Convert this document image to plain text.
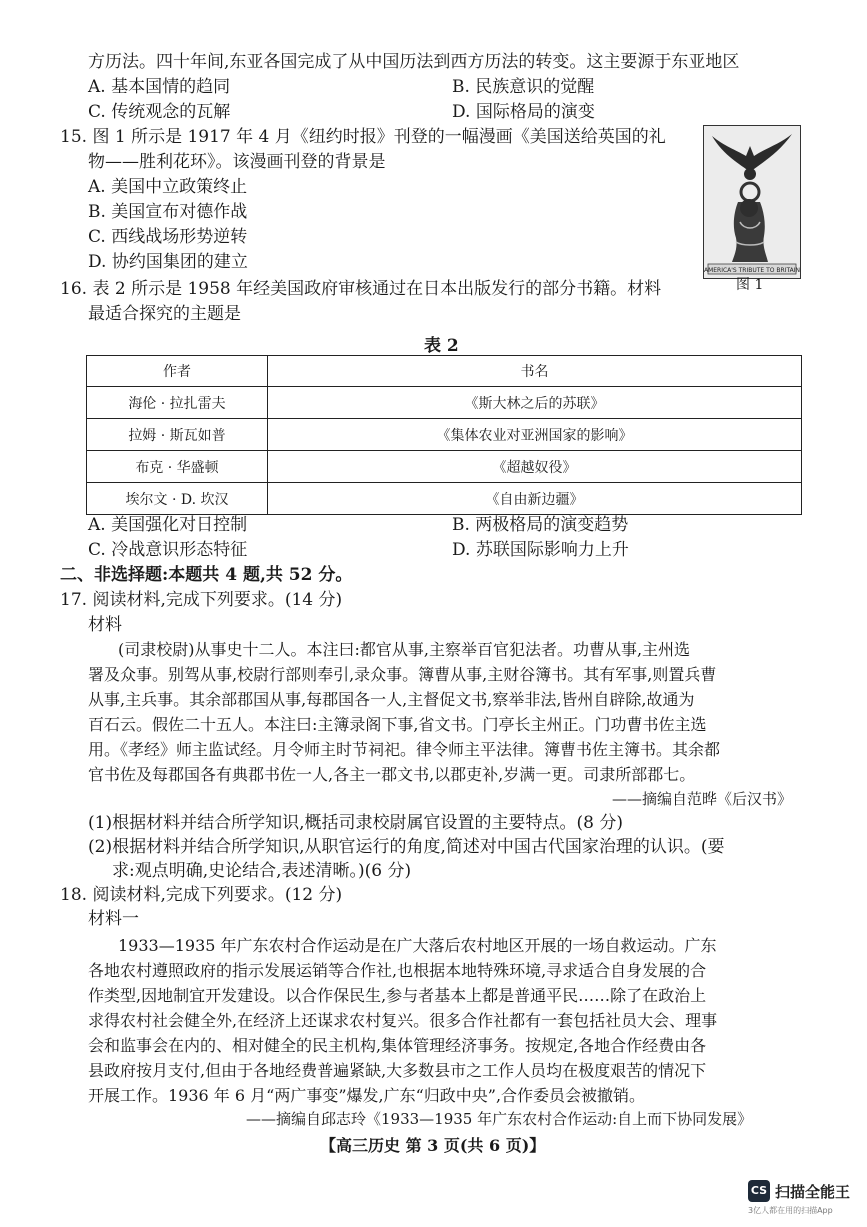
方历法。四十年间,东亚各国完成了从中国历法到西方历法的转变。这主要源于东亚地区
A. 基本国情的趋同	B. 民族意识的觉醒
C. 传统观念的瓦解	D. 国际格局的演变
15. 图 1 所示是 1917 年 4 月《纽约时报》刊登的一幅漫画《美国送给英国的礼
物——胜利花环》。该漫画刊登的背景是
A. 美国中立政策终止
B. 美国宣布对德作战
C. 西线战场形势逆转
D. 协约国集团的建立	AMERICA'S TRIBUTE TO BRITAIN
图 1
16. 表 2 所示是 1958 年经美国政府审核通过在日本出版发行的部分书籍。材料
最适合探究的主题是
表 2
作者	书名
海伦 · 拉扎雷夫	《斯大林之后的苏联》
拉姆 · 斯瓦如普	《集体农业对亚洲国家的影响》
布克 · 华盛顿	《超越奴役》
埃尔文 · D. 坎汉	《自由新边疆》
A. 美国强化对日控制	B. 两极格局的演变趋势
C. 冷战意识形态特征	D. 苏联国际影响力上升
二、非选择题:本题共 4 题,共 52 分。
17. 阅读材料,完成下列要求。(14 分)
材料
(司隶校尉)从事史十二人。本注曰:都官从事,主察举百官犯法者。功曹从事,主州选
署及众事。别驾从事,校尉行部则奉引,录众事。簿曹从事,主财谷簿书。其有军事,则置兵曹
从事,主兵事。其余部郡国从事,每郡国各一人,主督促文书,察举非法,皆州自辟除,故通为
百石云。假佐二十五人。本注曰:主簿录阁下事,省文书。门亭长主州正。门功曹书佐主选
用。《孝经》师主监试经。月令师主时节祠祀。律令师主平法律。簿曹书佐主簿书。其余都
官书佐及每郡国各有典郡书佐一人,各主一郡文书,以郡吏补,岁满一更。司隶所部郡七。
——摘编自范晔《后汉书》
(1)根据材料并结合所学知识,概括司隶校尉属官设置的主要特点。(8 分)
(2)根据材料并结合所学知识,从职官运行的角度,简述对中国古代国家治理的认识。(要
求:观点明确,史论结合,表述清晰。)(6 分)
18. 阅读材料,完成下列要求。(12 分)
材料一
1933—1935 年广东农村合作运动是在广大落后农村地区开展的一场自救运动。广东
各地农村遵照政府的指示发展运销等合作社,也根据本地特殊环境,寻求适合自身发展的合
作类型,因地制宜开发建设。以合作保民生,参与者基本上都是普通平民……除了在政治上
求得农村社会健全外,在经济上还谋求农村复兴。很多合作社都有一套包括社员大会、理事
会和监事会在内的、相对健全的民主机构,集体管理经济事务。按规定,各地合作经费由各
县政府按月支付,但由于各地经费普遍紧缺,大多数县市之工作人员均在极度艰苦的情况下
开展工作。1936 年 6 月“两广事变”爆发,广东“归政中央”,合作委员会被撤销。
——摘编自邱志玲《1933—1935 年广东农村合作运动:自上而下协同发展》
【高三历史 第 3 页(共 6 页)】
CS 扫描全能王
3亿人都在用的扫描App
